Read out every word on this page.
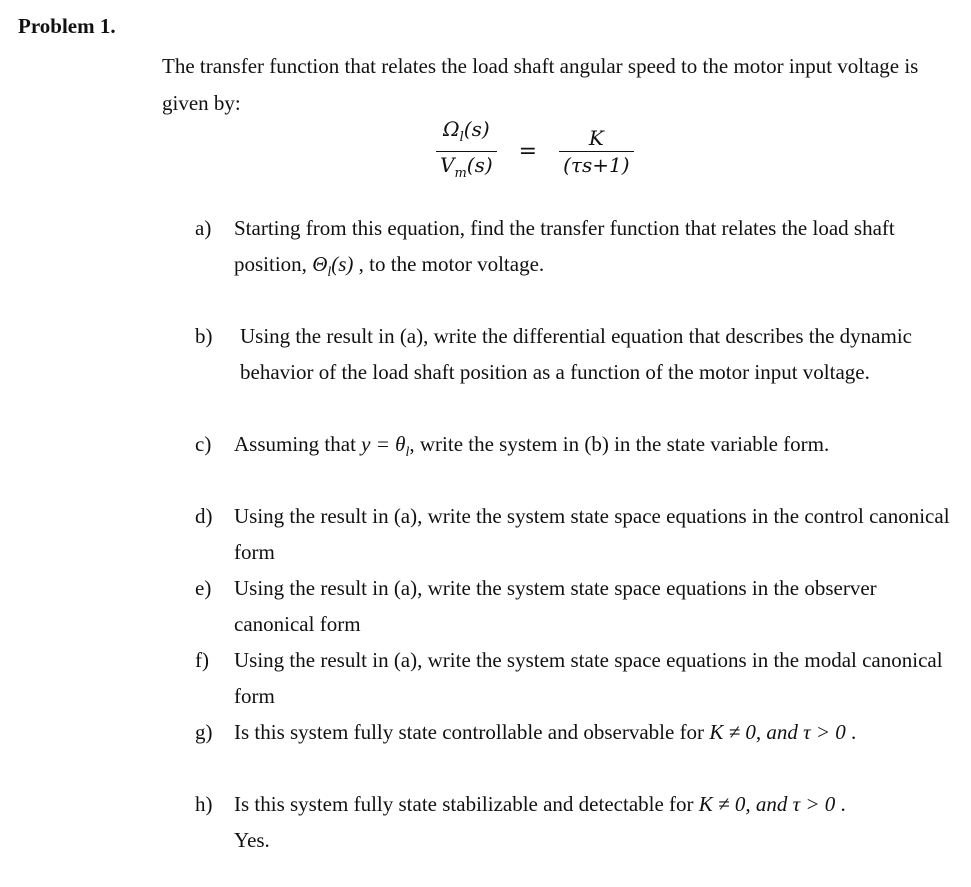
Problem 1.
The transfer function that relates the load shaft angular speed to the motor input voltage is given by:
$\frac{\Omega_l(s)}{V_m(s)} = \frac{K}{(\tau s+1)}$
a)	Starting from this equation, find the transfer function that relates the load shaft position, $\Theta_l(s)$ , to the motor voltage.
b)	Using the result in (a), write the differential equation that describes the dynamic behavior of the load shaft position as a function of the motor input voltage.
c)	Assuming that $y = \theta_l$, write the system in (b) in the state variable form.
d)	Using the result in (a), write the system state space equations in the control canonical form
e)	Using the result in (a), write the system state space equations in the observer canonical form
f)	Using the result in (a), write the system state space equations in the modal canonical form
g)	Is this system fully state controllable and observable for K ≠ 0, and τ > 0 .
h)	Is this system fully state stabilizable and detectable for K ≠ 0, and τ > 0 .
Yes.
